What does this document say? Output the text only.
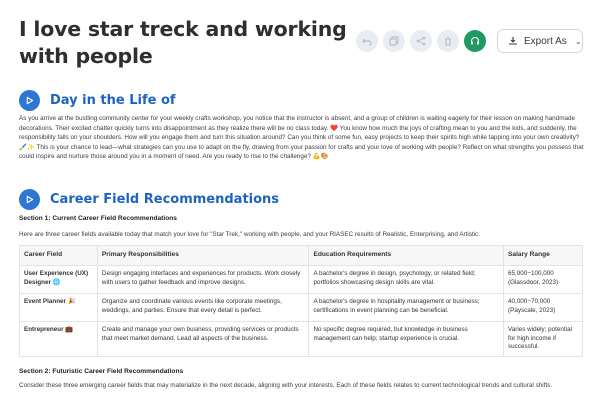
I love star treck and working with people
Export As ⌄
Day in the Life of
As you arrive at the bustling community center for your weekly crafts workshop, you notice that the instructor is absent, and a group of children is waiting eagerly for their lesson on making handmade decorations. Their excited chatter quickly turns into disappointment as they realize there will be no class today. ❤️ You know how much the joys of crafting mean to you and the kids, and suddenly, the responsibility falls on your shoulders. How will you engage them and turn this situation around? Can you think of some fun, easy projects to keep their spirits high while tapping into your own creativity? 🖌️✨ This is your chance to lead—what strategies can you use to adapt on the fly, drawing from your passion for crafts and your love of working with people? Reflect on what strengths you possess that could inspire and nurture those around you in a moment of need. Are you ready to rise to the challenge? 💪🎨
Career Field Recommendations
Section 1: Current Career Field Recommendations
Here are three career fields available today that match your love for "Star Trek," working with people, and your RIASEC results of Realistic, Enterprising, and Artistic.
Career Field	Primary Responsibilities	Education Requirements	Salary Range
User Experience (UX) Designer 🌐	Design engaging interfaces and experiences for products. Work closely with users to gather feedback and improve designs.	A bachelor's degree in design, psychology, or related field; portfolios showcasing design skills are vital.	65,000−100,000 (Glassdoor, 2023)
Event Planner 🎉	Organize and coordinate various events like corporate meetings, weddings, and parties. Ensure that every detail is perfect.	A bachelor's degree in hospitality management or business; certifications in event planning can be beneficial.	40,000−70,000 (Payscale, 2023)
Entrepreneur 💼	Create and manage your own business, providing services or products that meet market demand. Lead all aspects of the business.	No specific degree required, but knowledge in business management can help; startup experience is crucial.	Varies widely; potential for high income if successful.
Section 2: Futuristic Career Field Recommendations
Consider these three emerging career fields that may materialize in the next decade, aligning with your interests. Each of these fields relates to current technological trends and cultural shifts.
